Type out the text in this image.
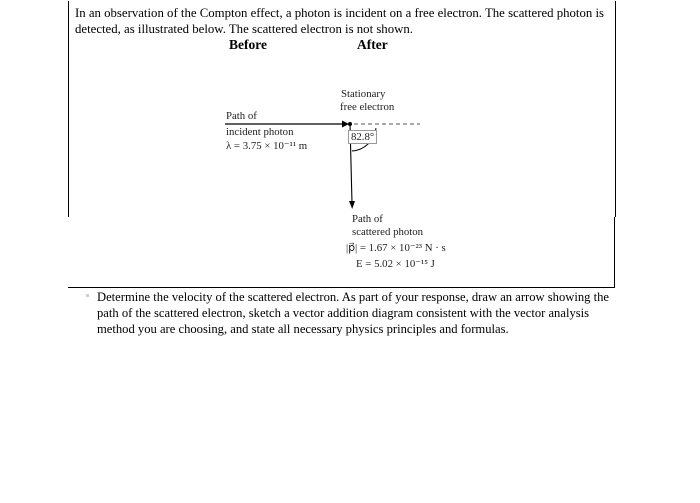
In an observation of the Compton effect, a photon is incident on a free electron. The scattered photon is detected, as illustrated below. The scattered electron is not shown.
Before	After
Path of
incident photon
λ = 3.75 × 10⁻¹¹ m
Stationary
free electron
82.8°
Path of
scattered photon
|p⃗| = 1.67 × 10⁻²³ N · s
E = 5.02 × 10⁻¹⁵ J
Determine the velocity of the scattered electron. As part of your response, draw an arrow showing the path of the scattered electron, sketch a vector addition diagram consistent with the vector analysis method you are choosing, and state all necessary physics principles and formulas.
